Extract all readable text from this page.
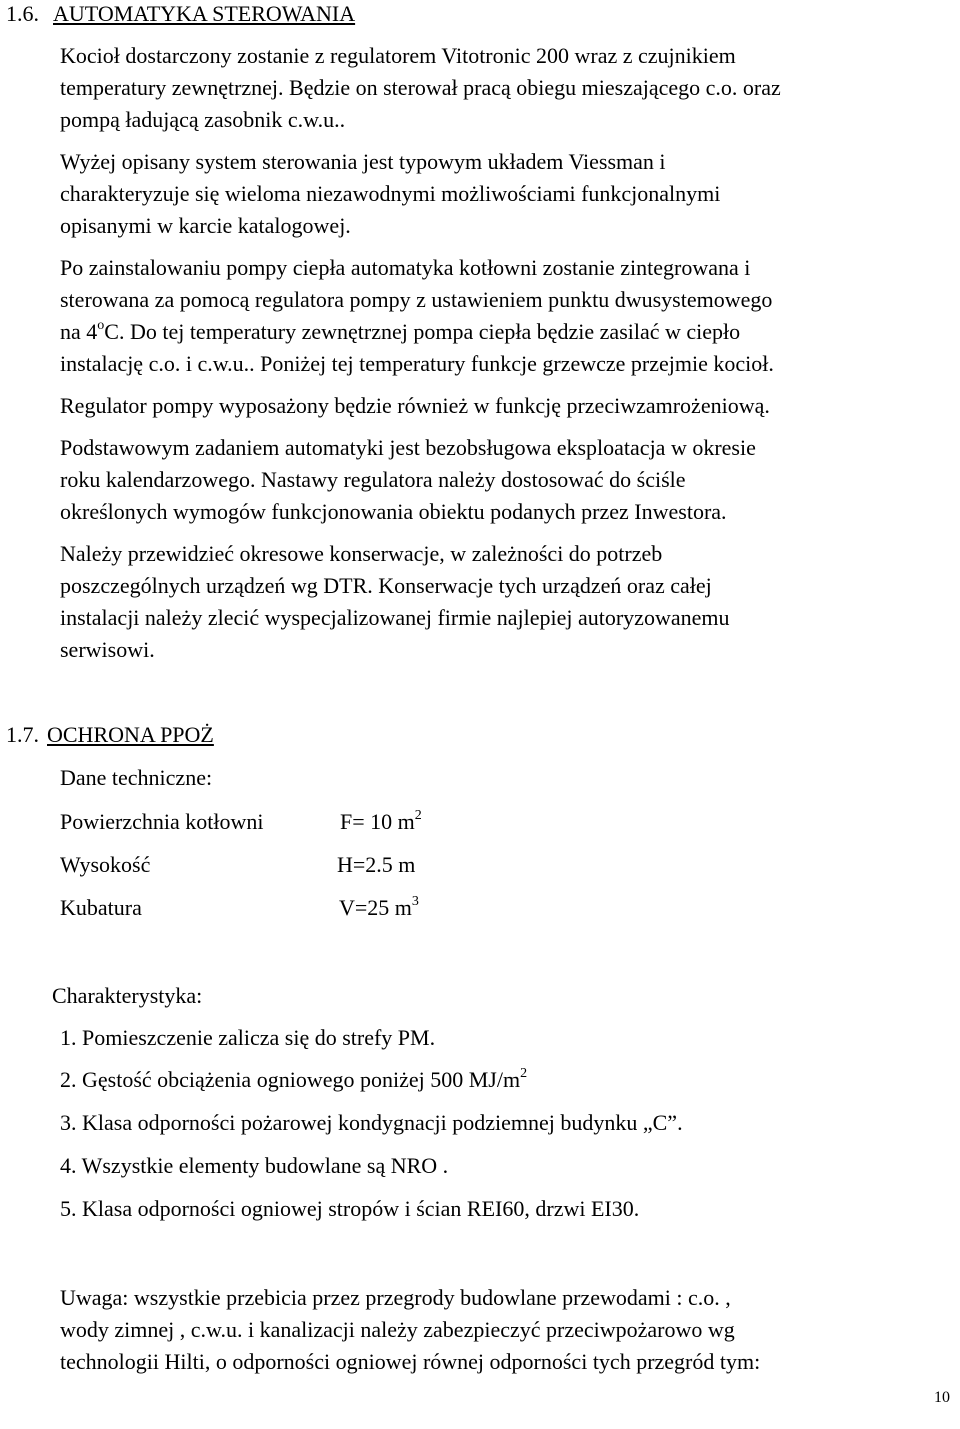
1.6. AUTOMATYKA STEROWANIA
Kocioł dostarczony zostanie z regulatorem Vitotronic 200 wraz z czujnikiem
temperatury zewnętrznej. Będzie on sterował pracą obiegu mieszającego c.o. oraz
pompą ładującą zasobnik c.w.u..
Wyżej opisany system sterowania jest typowym układem Viessman i
charakteryzuje się wieloma niezawodnymi możliwościami funkcjonalnymi
opisanymi w karcie katalogowej.
Po zainstalowaniu pompy ciepła automatyka kotłowni zostanie zintegrowana i
sterowana za pomocą regulatora pompy z ustawieniem punktu dwusystemowego
na 4$^o$C. Do tej temperatury zewnętrznej pompa ciepła będzie zasilać w ciepło
instalację c.o. i c.w.u.. Poniżej tej temperatury funkcje grzewcze przejmie kocioł.
Regulator pompy wyposażony będzie również w funkcję przeciwzamrożeniową.
Podstawowym zadaniem automatyki jest bezobsługowa eksploatacja w okresie
roku kalendarzowego. Nastawy regulatora należy dostosować do ściśle
określonych wymogów funkcjonowania obiektu podanych przez Inwestora.
Należy przewidzieć okresowe konserwacje, w zależności do potrzeb
poszczególnych urządzeń wg DTR. Konserwacje tych urządzeń oraz całej
instalacji należy zlecić wyspecjalizowanej firmie najlepiej autoryzowanemu
serwisowi.
1.7. OCHRONA PPOŻ
Dane techniczne:
Powierzchnia kotłowni	F= 10 $m^2$
Wysokość	H=2.5 m
Kubatura	V=25 $m^3$
Charakterystyka:
1. Pomieszczenie zalicza się do strefy PM.
2. Gęstość obciążenia ogniowego poniżej 500 $MJ/m^2$
3. Klasa odporności pożarowej kondygnacji podziemnej budynku „C”.
4. Wszystkie elementy budowlane są NRO .
5. Klasa odporności ogniowej stropów i ścian REI60, drzwi EI30.
Uwaga: wszystkie przebicia przez przegrody budowlane przewodami : c.o. ,
wody zimnej , c.w.u. i kanalizacji należy zabezpieczyć przeciwpożarowo wg
technologii Hilti, o odporności ogniowej równej odporności tych przegród tym:
10
